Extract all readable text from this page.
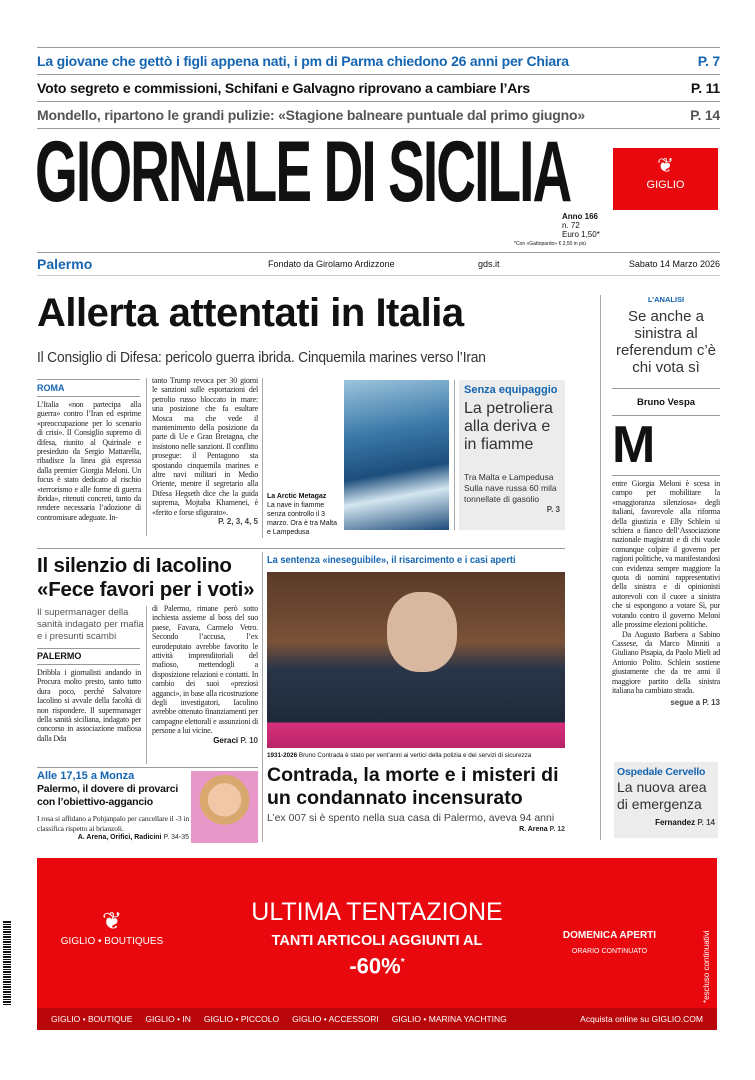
La giovane che gettò i figli appena nati, i pm di Parma chiedono 26 anni per Chiara	P. 7
Voto segreto e commissioni, Schifani e Galvagno riprovano a cambiare l’Ars	P. 11
Mondello, ripartono le grandi pulizie: «Stagione balneare puntuale dal primo giugno»	P. 14
GIORNALE DI SICILIA	❦
GIGLIO
Anno 166
n. 72
Euro 1,50*
*Con «Gattopardo» € 2,50 in più
Palermo	Fondato da Girolamo Ardizzone	gds.it	Sabato 14 Marzo 2026
Allerta attentati in Italia
Il Consiglio di Difesa: pericolo guerra ibrida. Cinquemila marines verso l’Iran
ROMA
L’Italia «non partecipa alla guerra» contro l’Iran ed esprime «preoccupazione per lo scenario di crisi». Il Consiglio supremo di difesa, riunito al Quirinale e presieduto da Sergio Mattarella, ribadisce la linea già espressa dalla premier Giorgia Meloni. Un focus è stato dedicato al rischio «terrorismo e alle forme di guerra ibrida», ritenuti concreti, tanto da rendere necessaria l’adozione di contromisure adeguate. In-
tanto Trump revoca per 30 giorni le sanzioni sulle esportazioni del petrolio russo bloccato in mare: una posizione che fa esultare Mosca ma che vede il mantenimento della posizione da parte di Ue e Gran Bretagna, che insistono nelle sanzioni. Il conflitto prosegue: il Pentagono sta spostando cinquemila marines e altre navi militari in Medio Oriente, mentre il segretario alla Difesa Hegseth dice che la guida suprema, Mojtaba Khamenei, è «ferito e forse sfigurato».
P. 2, 3, 4, 5
La Arctic Metagaz
La nave in fiamme senza controllo il 3 marzo. Ora è tra Malta e Lampedusa
Senza equipaggio
La petroliera alla deriva e in fiamme
Tra Malta e Lampedusa Sulla nave russa 60 mila tonnellate di gasolio
P. 3
Il silenzio di Iacolino «Fece favori per i voti»
Il supermanager della sanità indagato per mafia e i presunti scambi
PALERMO
Dribbla i giornalisti andando in Procura molto presto, tanto tutto dura poco, perché Salvatore Iacolino si avvale della facoltà di non rispondere. Il supermanager della sanità siciliana, indagato per concorso in associazione mafiosa dalla Dda
di Palermo, rimane però sotto inchiesta assieme al boss del suo paese, Favara, Carmelo Vetro. Secondo l’accusa, l’ex eurodeputato avrebbe favorito le attività imprenditoriali del mafioso, mettendogli a disposizione relazioni e contatti. In cambio dei suoi «preziosi agganci», in base alla ricostruzione degli investigatori, Iacolino avrebbe ottenuto finanziamenti per campagne elettorali e assunzioni di persone a lui vicine.
Geraci P. 10
Alle 17,15 a Monza
Palermo, il dovere di provarci con l’obiettivo-aggancio
I rosa si affidano a Pohjanpalo per cancellare il -3 in classifica rispetto ai brianzoli.
A. Arena, Orifici, Radicini P. 34-35
La sentenza «ineseguibile», il risarcimento e i casi aperti
1931-2026 Bruno Contrada è stato per vent’anni ai vertici della polizia e dei servizi di sicurezza
Contrada, la morte e i misteri di un condannato incensurato
L’ex 007 si è spento nella sua casa di Palermo, aveva 94 anni
R. Arena P. 12
L’ANALISI
Se anche a sinistra al referendum c’è chi vota sì
Bruno Vespa
M
entre Giorgia Meloni è scesa in campo per mobilitare la «maggioranza silenziosa» degli italiani, favorevole alla riforma della giustizia e Elly Schlein si schiera a fianco dell’Associazione nazionale magistrati e di chi vuole comunque colpire il governo per ragioni politiche, va manifestandosi con evidenza sempre maggiore la quota di uomini rappresentativi della sinistra e di opinionisti autorevoli con il cuore a sinistra che si espongono a votare Sì, pur votando contro il governo Meloni alle prossime elezioni politiche.
Da Augusto Barbera a Sabino Cassese, da Marco Minniti a Giuliano Pisapia, da Paolo Mieli ad Antonio Polito. Schlein sostiene giustamente che da tre anni il maggiore partito della sinistra italiana ha cambiato strada.
segue a P. 13
Ospedale Cervello
La nuova area di emergenza
Fernandez P. 14
❦
GIGLIO • BOUTIQUES
ULTIMA TENTAZIONE
TANTI ARTICOLI AGGIUNTI AL
-60%*
DOMENICA APERTI
ORARIO CONTINUATO	*escluso continuativi
GIGLIO • BOUTIQUE GIGLIO • IN GIGLIO • PICCOLO GIGLIO • ACCESSORI GIGLIO • MARINA YACHTING	Acquista online su GIGLIO.COM
